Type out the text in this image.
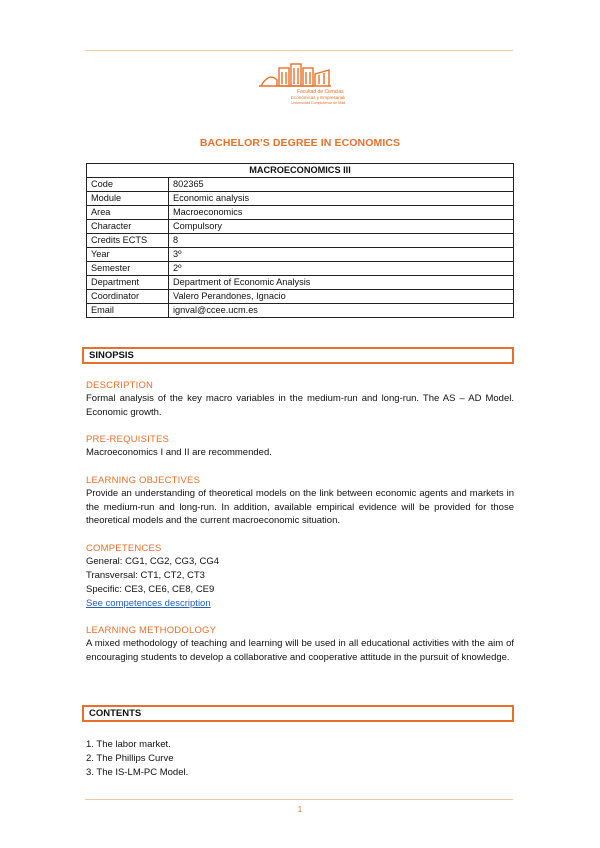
Facultad de Ciencias
Económicas y Empresariales
Universidad Complutense de Madrid
BACHELOR'S DEGREE IN ECONOMICS
MACROECONOMICS III	
Code	802365
Module	Economic analysis
Area	Macroeconomics
Character	Compulsory
Credits ECTS	8
Year	3º
Semester	2º
Department	Department of Economic Analysis
Coordinator	Valero Perandones, Ignacio
Email	ignval@ccee.ucm.es
SINOPSIS
DESCRIPTION
Formal analysis of the key macro variables in the medium-run and long-run. The AS – AD Model. Economic growth.
PRE-REQUISITES
Macroeconomics I and II are recommended.
LEARNING OBJECTIVES
Provide an understanding of theoretical models on the link between economic agents and markets in the medium-run and long-run. In addition, available empirical evidence will be provided for those theoretical models and the current macroeconomic situation.
COMPETENCES
General: CG1, CG2, CG3, CG4
Transversal: CT1, CT2, CT3
Specific: CE3, CE6, CE8, CE9
See competences description
LEARNING METHODOLOGY
A mixed methodology of teaching and learning will be used in all educational activities with the aim of encouraging students to develop a collaborative and cooperative attitude in the pursuit of knowledge.
CONTENTS
1. The labor market.
2. The Phillips Curve
3. The IS-LM-PC Model.
1
